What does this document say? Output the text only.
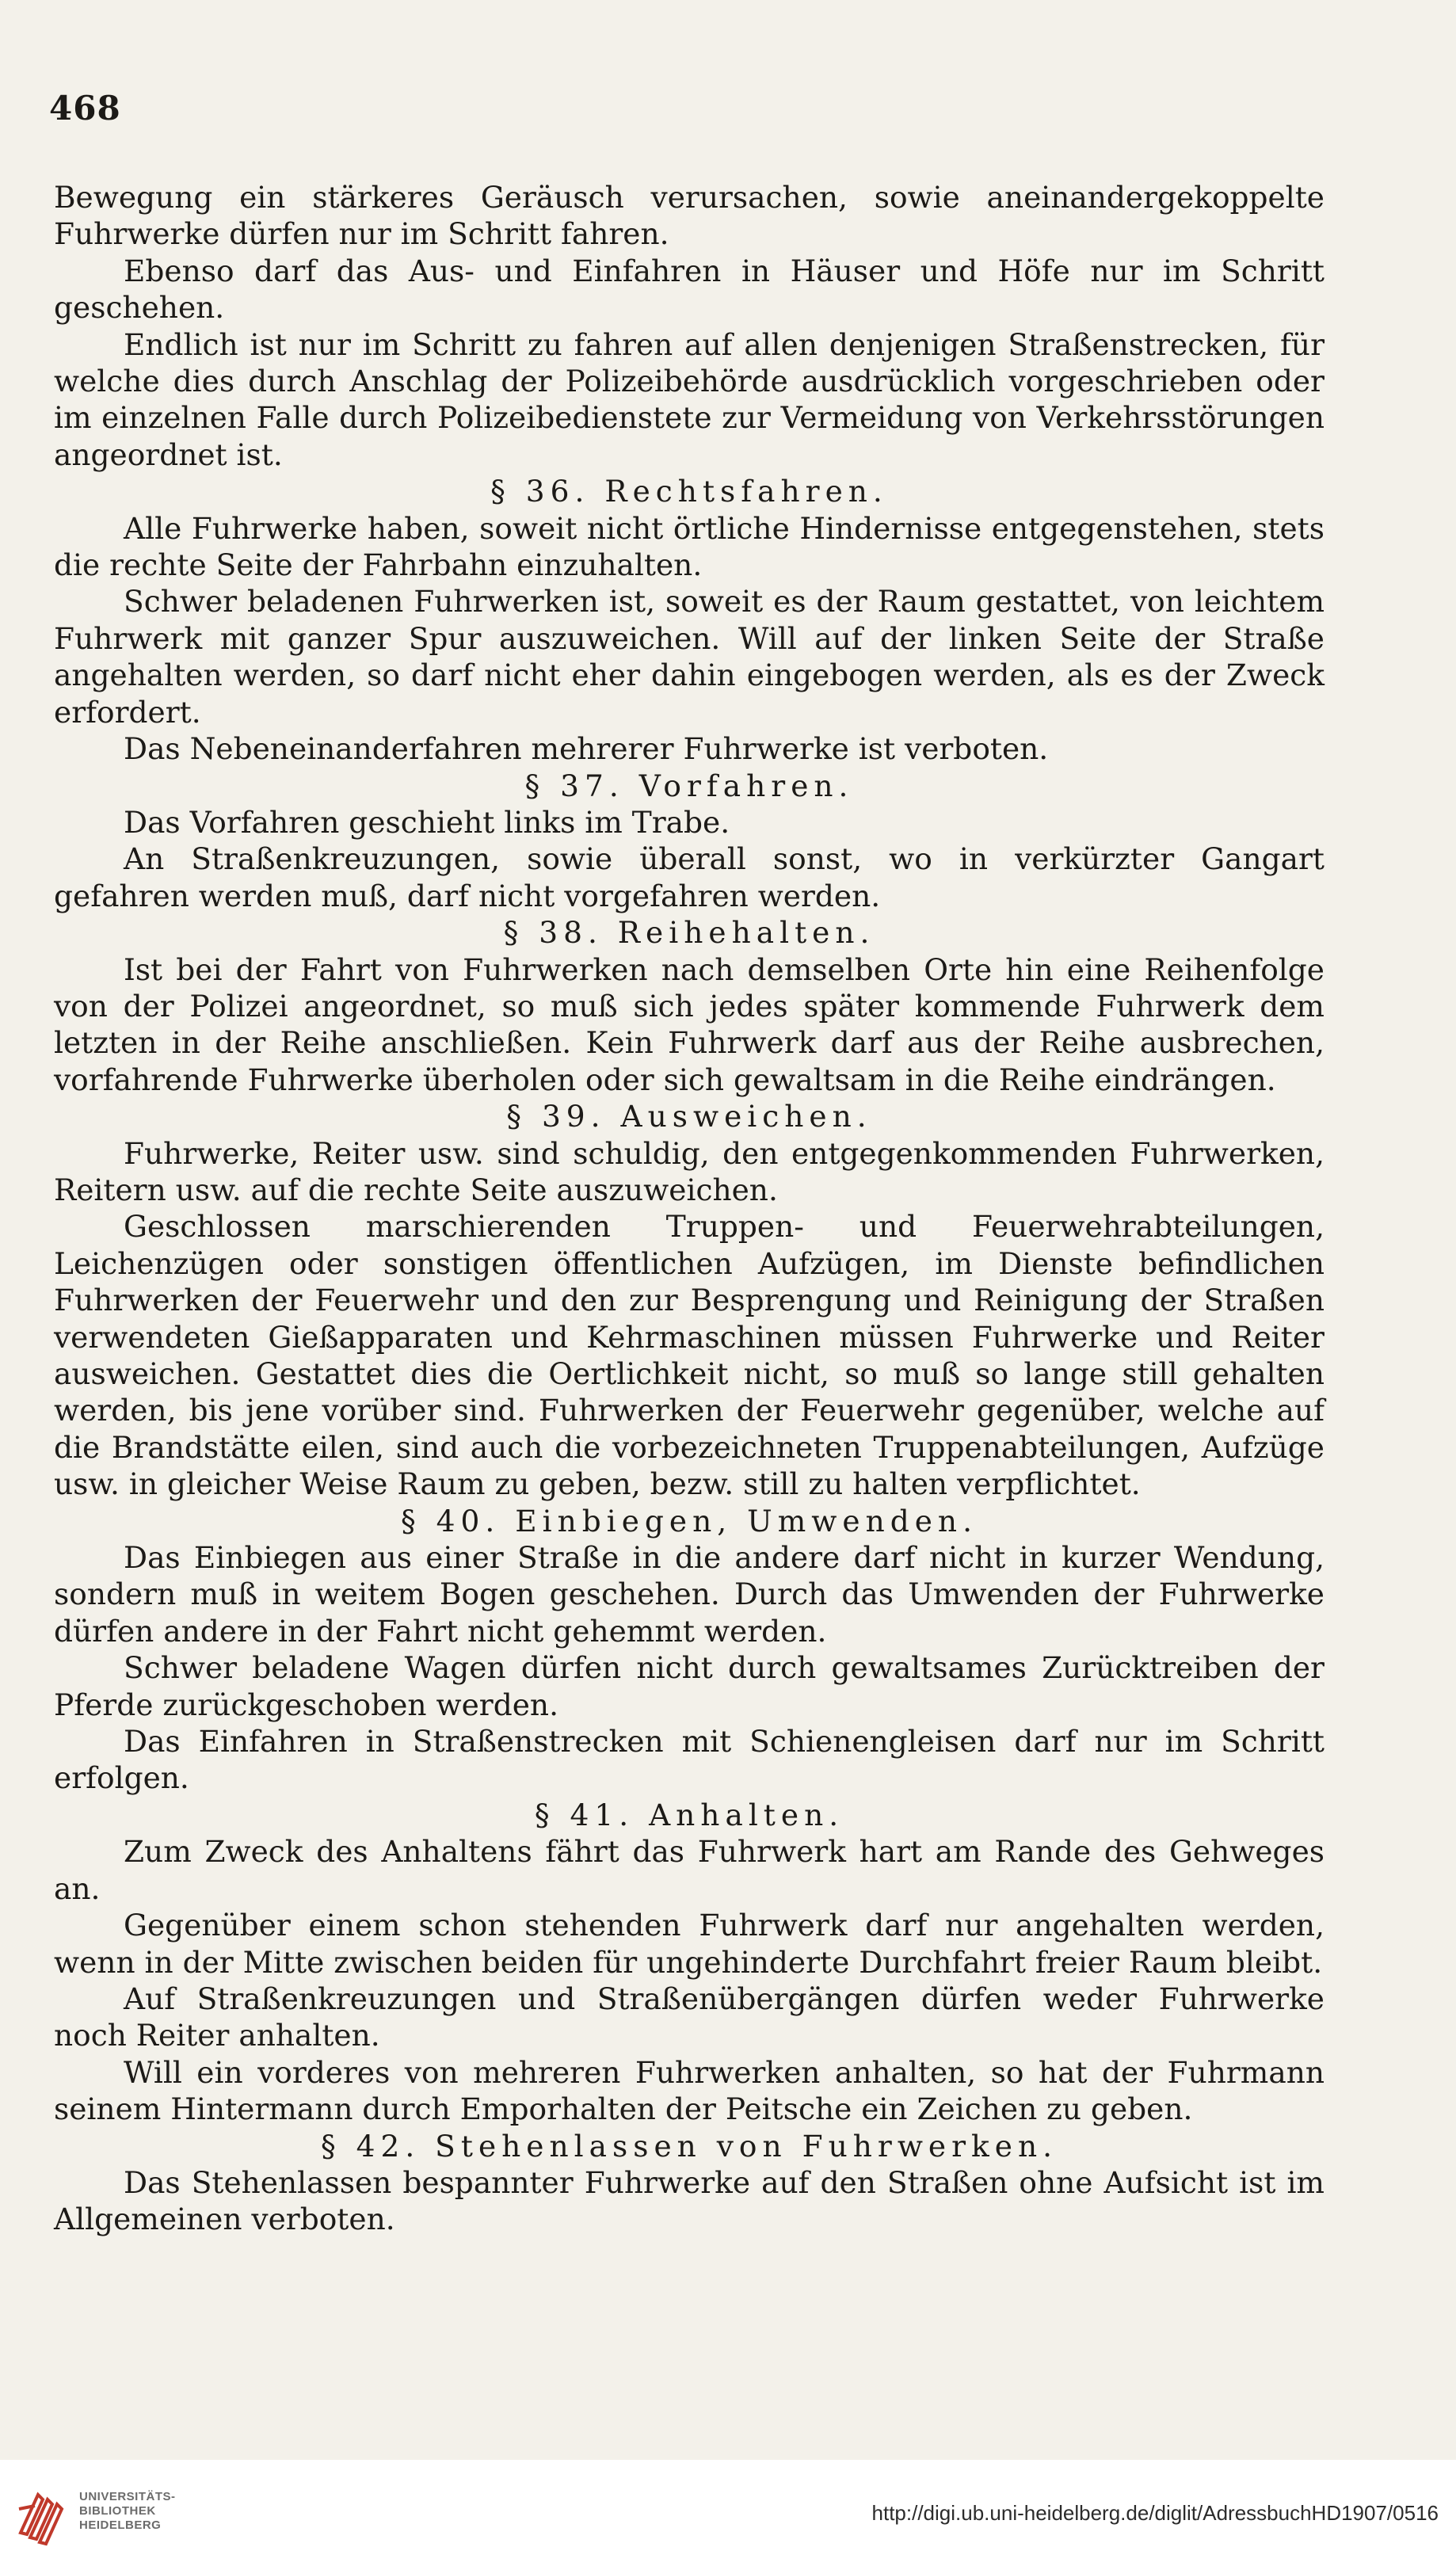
468

Bewegung ein stärkeres Geräusch verursachen, sowie aneinandergekoppelte Fuhrwerke dürfen nur im Schritt fahren.

Ebenso darf das Aus- und Einfahren in Häuser und Höfe nur im Schritt geschehen.

Endlich ist nur im Schritt zu fahren auf allen denjenigen Straßenstrecken, für welche dies durch Anschlag der Polizeibehörde ausdrücklich vorgeschrieben oder im einzelnen Falle durch Polizeibedienstete zur Vermeidung von Verkehrsstörungen angeordnet ist.

§ 36. Rechtsfahren.

Alle Fuhrwerke haben, soweit nicht örtliche Hindernisse entgegenstehen, stets die rechte Seite der Fahrbahn einzuhalten.

Schwer beladenen Fuhrwerken ist, soweit es der Raum gestattet, von leichtem Fuhrwerk mit ganzer Spur auszuweichen. Will auf der linken Seite der Straße angehalten werden, so darf nicht eher dahin eingebogen werden, als es der Zweck erfordert.

Das Nebeneinanderfahren mehrerer Fuhrwerke ist verboten.

§ 37. Vorfahren.

Das Vorfahren geschieht links im Trabe.

An Straßenkreuzungen, sowie überall sonst, wo in verkürzter Gangart gefahren werden muß, darf nicht vorgefahren werden.

§ 38. Reihehalten.

Ist bei der Fahrt von Fuhrwerken nach demselben Orte hin eine Reihenfolge von der Polizei angeordnet, so muß sich jedes später kommende Fuhrwerk dem letzten in der Reihe anschließen. Kein Fuhrwerk darf aus der Reihe ausbrechen, vorfahrende Fuhrwerke überholen oder sich gewaltsam in die Reihe eindrängen.

§ 39. Ausweichen.

Fuhrwerke, Reiter usw. sind schuldig, den entgegenkommenden Fuhrwerken, Reitern usw. auf die rechte Seite auszuweichen.

Geschlossen marschierenden Truppen- und Feuerwehrabteilungen, Leichenzügen oder sonstigen öffentlichen Aufzügen, im Dienste befindlichen Fuhrwerken der Feuerwehr und den zur Besprengung und Reinigung der Straßen verwendeten Gießapparaten und Kehrmaschinen müssen Fuhrwerke und Reiter ausweichen. Gestattet dies die Oertlichkeit nicht, so muß so lange still gehalten werden, bis jene vorüber sind. Fuhrwerken der Feuerwehr gegenüber, welche auf die Brandstätte eilen, sind auch die vorbezeichneten Truppenabteilungen, Aufzüge usw. in gleicher Weise Raum zu geben, bezw. still zu halten verpflichtet.

§ 40. Einbiegen, Umwenden.

Das Einbiegen aus einer Straße in die andere darf nicht in kurzer Wendung, sondern muß in weitem Bogen geschehen. Durch das Umwenden der Fuhrwerke dürfen andere in der Fahrt nicht gehemmt werden.

Schwer beladene Wagen dürfen nicht durch gewaltsames Zurücktreiben der Pferde zurückgeschoben werden.

Das Einfahren in Straßenstrecken mit Schienengleisen darf nur im Schritt erfolgen.

§ 41. Anhalten.

Zum Zweck des Anhaltens fährt das Fuhrwerk hart am Rande des Gehweges an.

Gegenüber einem schon stehenden Fuhrwerk darf nur angehalten werden, wenn in der Mitte zwischen beiden für ungehinderte Durchfahrt freier Raum bleibt.

Auf Straßenkreuzungen und Straßenübergängen dürfen weder Fuhrwerke noch Reiter anhalten.

Will ein vorderes von mehreren Fuhrwerken anhalten, so hat der Fuhrmann seinem Hintermann durch Emporhalten der Peitsche ein Zeichen zu geben.

§ 42. Stehenlassen von Fuhrwerken.

Das Stehenlassen bespannter Fuhrwerke auf den Straßen ohne Aufsicht ist im Allgemeinen verboten.

UNIVERSITÄTS-
BIBLIOTHEK
HEIDELBERG
http://digi.ub.uni-heidelberg.de/diglit/AdressbuchHD1907/0516
